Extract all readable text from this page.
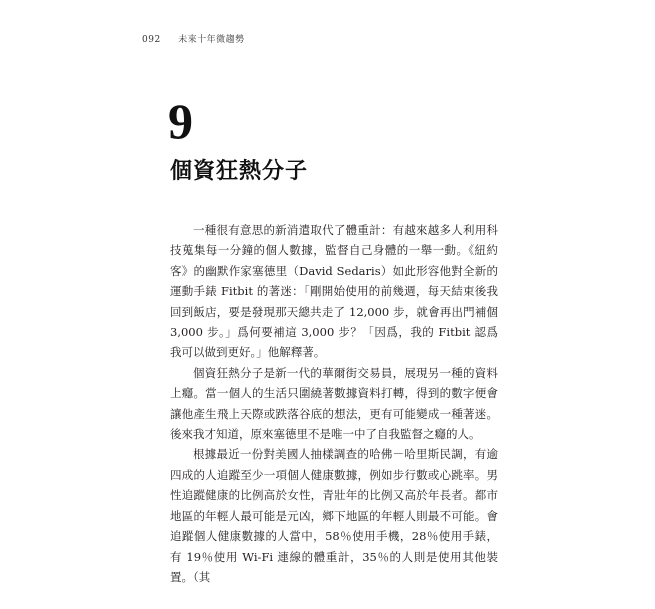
092 未來十年微趨勢
9
個資狂熱分子

一種很有意思的新消遣取代了體重計：有越來越多人利用科技蒐集每一分鐘的個人數據，監督自己身體的一舉一動。《紐約客》的幽默作家塞德里（David Sedaris）如此形容他對全新的運動手錶 Fitbit 的著迷：「剛開始使用的前幾週，每天結束後我回到飯店，要是發現那天總共走了 12,000 步，就會再出門補個 3,000 步。」爲何要補這 3,000 步？「因爲，我的 Fitbit 認爲我可以做到更好。」他解釋著。

個資狂熱分子是新一代的華爾街交易員，展現另一種的資料上癮。當一個人的生活只圍繞著數據資料打轉，得到的數字便會讓他產生飛上天際或跌落谷底的想法，更有可能變成一種著迷。後來我才知道，原來塞德里不是唯一中了自我監督之癮的人。

根據最近一份對美國人抽樣調查的哈佛－哈里斯民調，有逾四成的人追蹤至少一項個人健康數據，例如步行數或心跳率。男性追蹤健康的比例高於女性，青壯年的比例又高於年長者。都市地區的年輕人最可能是元凶，鄉下地區的年輕人則最不可能。會追蹤個人健康數據的人當中，58％使用手機，28％使用手錶，有 19％使用 Wi-Fi 連線的體重計，35％的人則是使用其他裝置。（其
